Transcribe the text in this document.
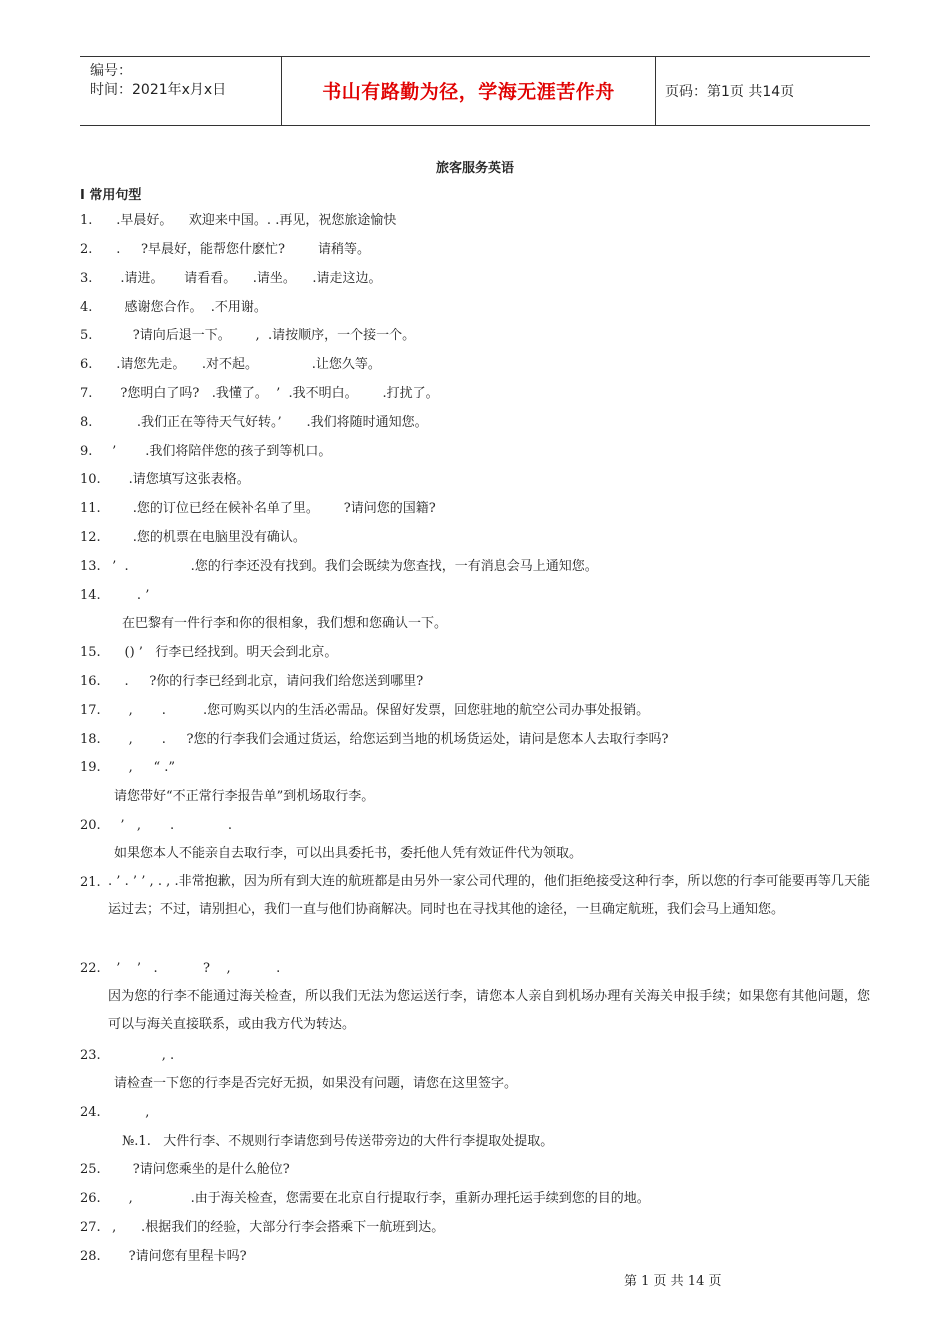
编号：
时间：2021年x月x日	书山有路勤为径，学海无涯苦作舟	页码：第1页 共14页
旅客服务英语
Ⅰ 常用句型
1. .早晨好。    欢迎来中国。. .再见，祝您旅途愉快
2. .     ?早晨好，能帮您什麽忙?        请稍等。
3. .请进。     请看看。    .请坐。    .请走这边。
4. 感谢您合作。  .不用谢。
5. ?请向后退一下。      ,  .请按顺序，一个接一个。
6. .请您先走。    .对不起。             .让您久等。
7. ?您明白了吗?   .我懂了。  ’  .我不明白。      .打扰了。
8. .我们正在等待天气好转。’      .我们将随时通知您。
9. ’       .我们将陪伴您的孩子到等机口。
10. .请您填写这张表格。
11. .您的订位已经在候补名单了里。      ?请问您的国籍?
12. .您的机票在电脑里没有确认。
13. ’  .               .您的行李还没有找到。我们会既续为您查找，一有消息会马上通知您。
14. . ’
在巴黎有一件行李和你的很相象，我们想和您确认一下。
15. () ’   行李已经找到。明天会到北京。
16. .     ?你的行李已经到北京，请问我们给您送到哪里?
17. ,       .         .您可购买以内的生活必需品。保留好发票，回您驻地的航空公司办事处报销。
18. ,       .     ?您的行李我们会通过货运，给您运到当地的机场货运处，请问是您本人去取行李吗?
19. ,     “ .”
请您带好“不正常行李报告单”到机场取行李。
20. ’   ,       .             .
如果您本人不能亲自去取行李，可以出具委托书，委托他人凭有效证件代为领取。
21. . ’ . ’ ’ , . , .非常抱歉，因为所有到大连的航班都是由另外一家公司代理的，他们拒绝接受这种行李，所以您的行李可能要再等几天能运过去；不过，请别担心，我们一直与他们协商解决。同时也在寻找其他的途径，一旦确定航班，我们会马上通知您。
22. ’    ’   .           ?    ,           .
因为您的行李不能通过海关检查，所以我们无法为您运送行李，请您本人亲自到机场办理有关海关申报手续；如果您有其他问题，您可以与海关直接联系，或由我方代为转达。
23. , .
请检查一下您的行李是否完好无损，如果没有问题，请您在这里签字。
24. ,
№.1.   大件行李、不规则行李请您到号传送带旁边的大件行李提取处提取。
25. ?请问您乘坐的是什么舱位?
26. ,              .由于海关检查，您需要在北京自行提取行李，重新办理托运手续到您的目的地。
27. ,      .根据我们的经验，大部分行李会搭乘下一航班到达。
28. ?请问您有里程卡吗?
第 1 页 共 14 页
